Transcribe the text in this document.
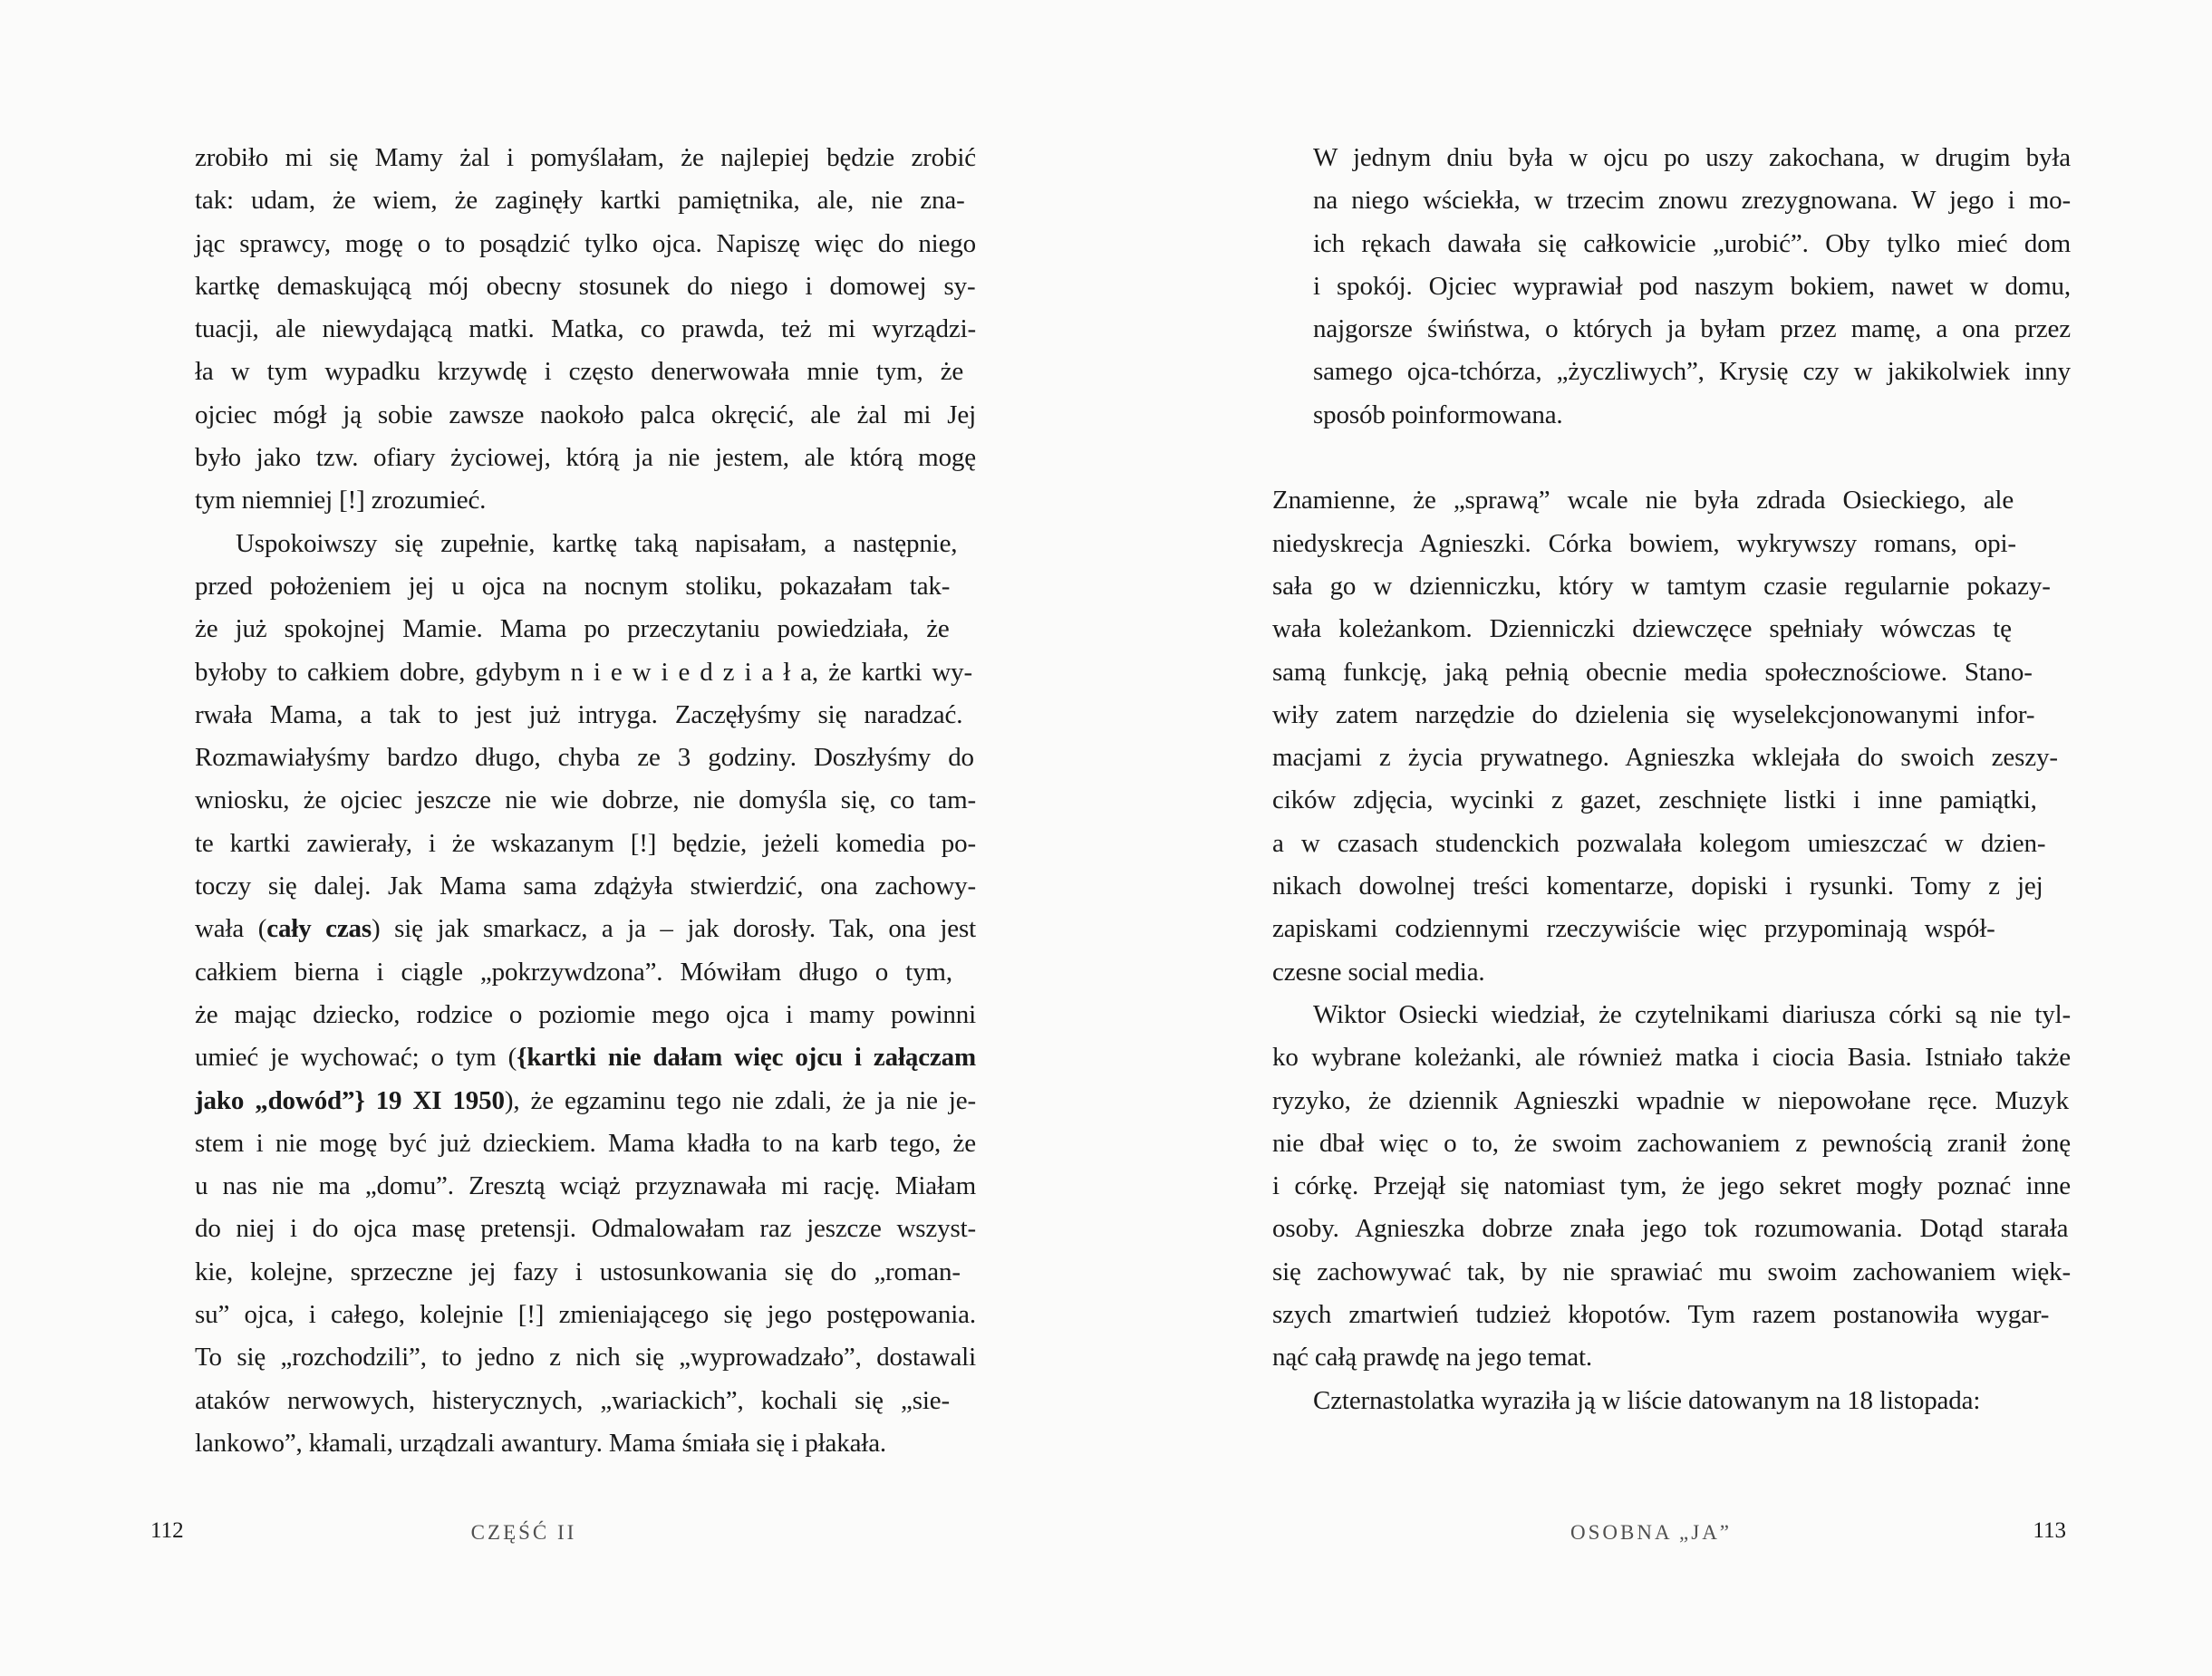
zrobiło mi się Mamy żal i pomyślałam, że najlepiej będzie zrobić
tak: udam, że wiem, że zaginęły kartki pamiętnika, ale, nie zna-
jąc sprawcy, mogę o to posądzić tylko ojca. Napiszę więc do niego
kartkę demaskującą mój obecny stosunek do niego i domowej sy-
tuacji, ale niewydającą matki. Matka, co prawda, też mi wyrządzi-
ła w tym wypadku krzywdę i często denerwowała mnie tym, że
ojciec mógł ją sobie zawsze naokoło palca okręcić, ale żal mi Jej
było jako tzw. ofiary życiowej, którą ja nie jestem, ale którą mogę
tym niemniej [!] zrozumieć.
Uspokoiwszy się zupełnie, kartkę taką napisałam, a następnie,
przed położeniem jej u ojca na nocnym stoliku, pokazałam tak-
że już spokojnej Mamie. Mama po przeczytaniu powiedziała, że
byłoby to całkiem dobre, gdybym n i e w i e d z i a ł a, że kartki wy-
rwała Mama, a tak to jest już intryga. Zaczęłyśmy się naradzać.
Rozmawiałyśmy bardzo długo, chyba ze 3 godziny. Doszłyśmy do
wniosku, że ojciec jeszcze nie wie dobrze, nie domyśla się, co tam-
te kartki zawierały, i że wskazanym [!] będzie, jeżeli komedia po-
toczy się dalej. Jak Mama sama zdążyła stwierdzić, ona zachowy-
wała (cały czas) się jak smarkacz, a ja – jak dorosły. Tak, ona jest
całkiem bierna i ciągle „pokrzywdzona”. Mówiłam długo o tym,
że mając dziecko, rodzice o poziomie mego ojca i mamy powinni
umieć je wychować; o tym ({kartki nie dałam więc ojcu i załączam
jako „dowód”} 19 XI 1950), że egzaminu tego nie zdali, że ja nie je-
stem i nie mogę być już dzieckiem. Mama kładła to na karb tego, że
u nas nie ma „domu”. Zresztą wciąż przyznawała mi rację. Miałam
do niej i do ojca masę pretensji. Odmalowałam raz jeszcze wszyst-
kie, kolejne, sprzeczne jej fazy i ustosunkowania się do „roman-
su” ojca, i całego, kolejnie [!] zmieniającego się jego postępowania.
To się „rozchodzili”, to jedno z nich się „wyprowadzało”, dostawali
ataków nerwowych, histerycznych, „wariackich”, kochali się „sie-
lankowo”, kłamali, urządzali awantury. Mama śmiała się i płakała.
W jednym dniu była w ojcu po uszy zakochana, w drugim była
na niego wściekła, w trzecim znowu zrezygnowana. W jego i mo-
ich rękach dawała się całkowicie „urobić”. Oby tylko mieć dom
i spokój. Ojciec wyprawiał pod naszym bokiem, nawet w domu,
najgorsze świństwa, o których ja byłam przez mamę, a ona przez
samego ojca-tchórza, „życzliwych”, Krysię czy w jakikolwiek inny
sposób poinformowana.
Znamienne, że „sprawą” wcale nie była zdrada Osieckiego, ale
niedyskrecja Agnieszki. Córka bowiem, wykrywszy romans, opi-
sała go w dzienniczku, który w tamtym czasie regularnie pokazy-
wała koleżankom. Dzienniczki dziewczęce spełniały wówczas tę
samą funkcję, jaką pełnią obecnie media społecznościowe. Stano-
wiły zatem narzędzie do dzielenia się wyselekcjonowanymi infor-
macjami z życia prywatnego. Agnieszka wklejała do swoich zeszy-
cików zdjęcia, wycinki z gazet, zeschnięte listki i inne pamiątki,
a w czasach studenckich pozwalała kolegom umieszczać w dzien-
nikach dowolnej treści komentarze, dopiski i rysunki. Tomy z jej
zapiskami codziennymi rzeczywiście więc przypominają współ-
czesne social media.
Wiktor Osiecki wiedział, że czytelnikami diariusza córki są nie tyl-
ko wybrane koleżanki, ale również matka i ciocia Basia. Istniało także
ryzyko, że dziennik Agnieszki wpadnie w niepowołane ręce. Muzyk
nie dbał więc o to, że swoim zachowaniem z pewnością zranił żonę
i córkę. Przejął się natomiast tym, że jego sekret mogły poznać inne
osoby. Agnieszka dobrze znała jego tok rozumowania. Dotąd starała
się zachowywać tak, by nie sprawiać mu swoim zachowaniem więk-
szych zmartwień tudzież kłopotów. Tym razem postanowiła wygar-
nąć całą prawdę na jego temat.
Czternastolatka wyraziła ją w liście datowanym na 18 listopada:
112	CZĘŚĆ II	OSOBNA „JA”	113
